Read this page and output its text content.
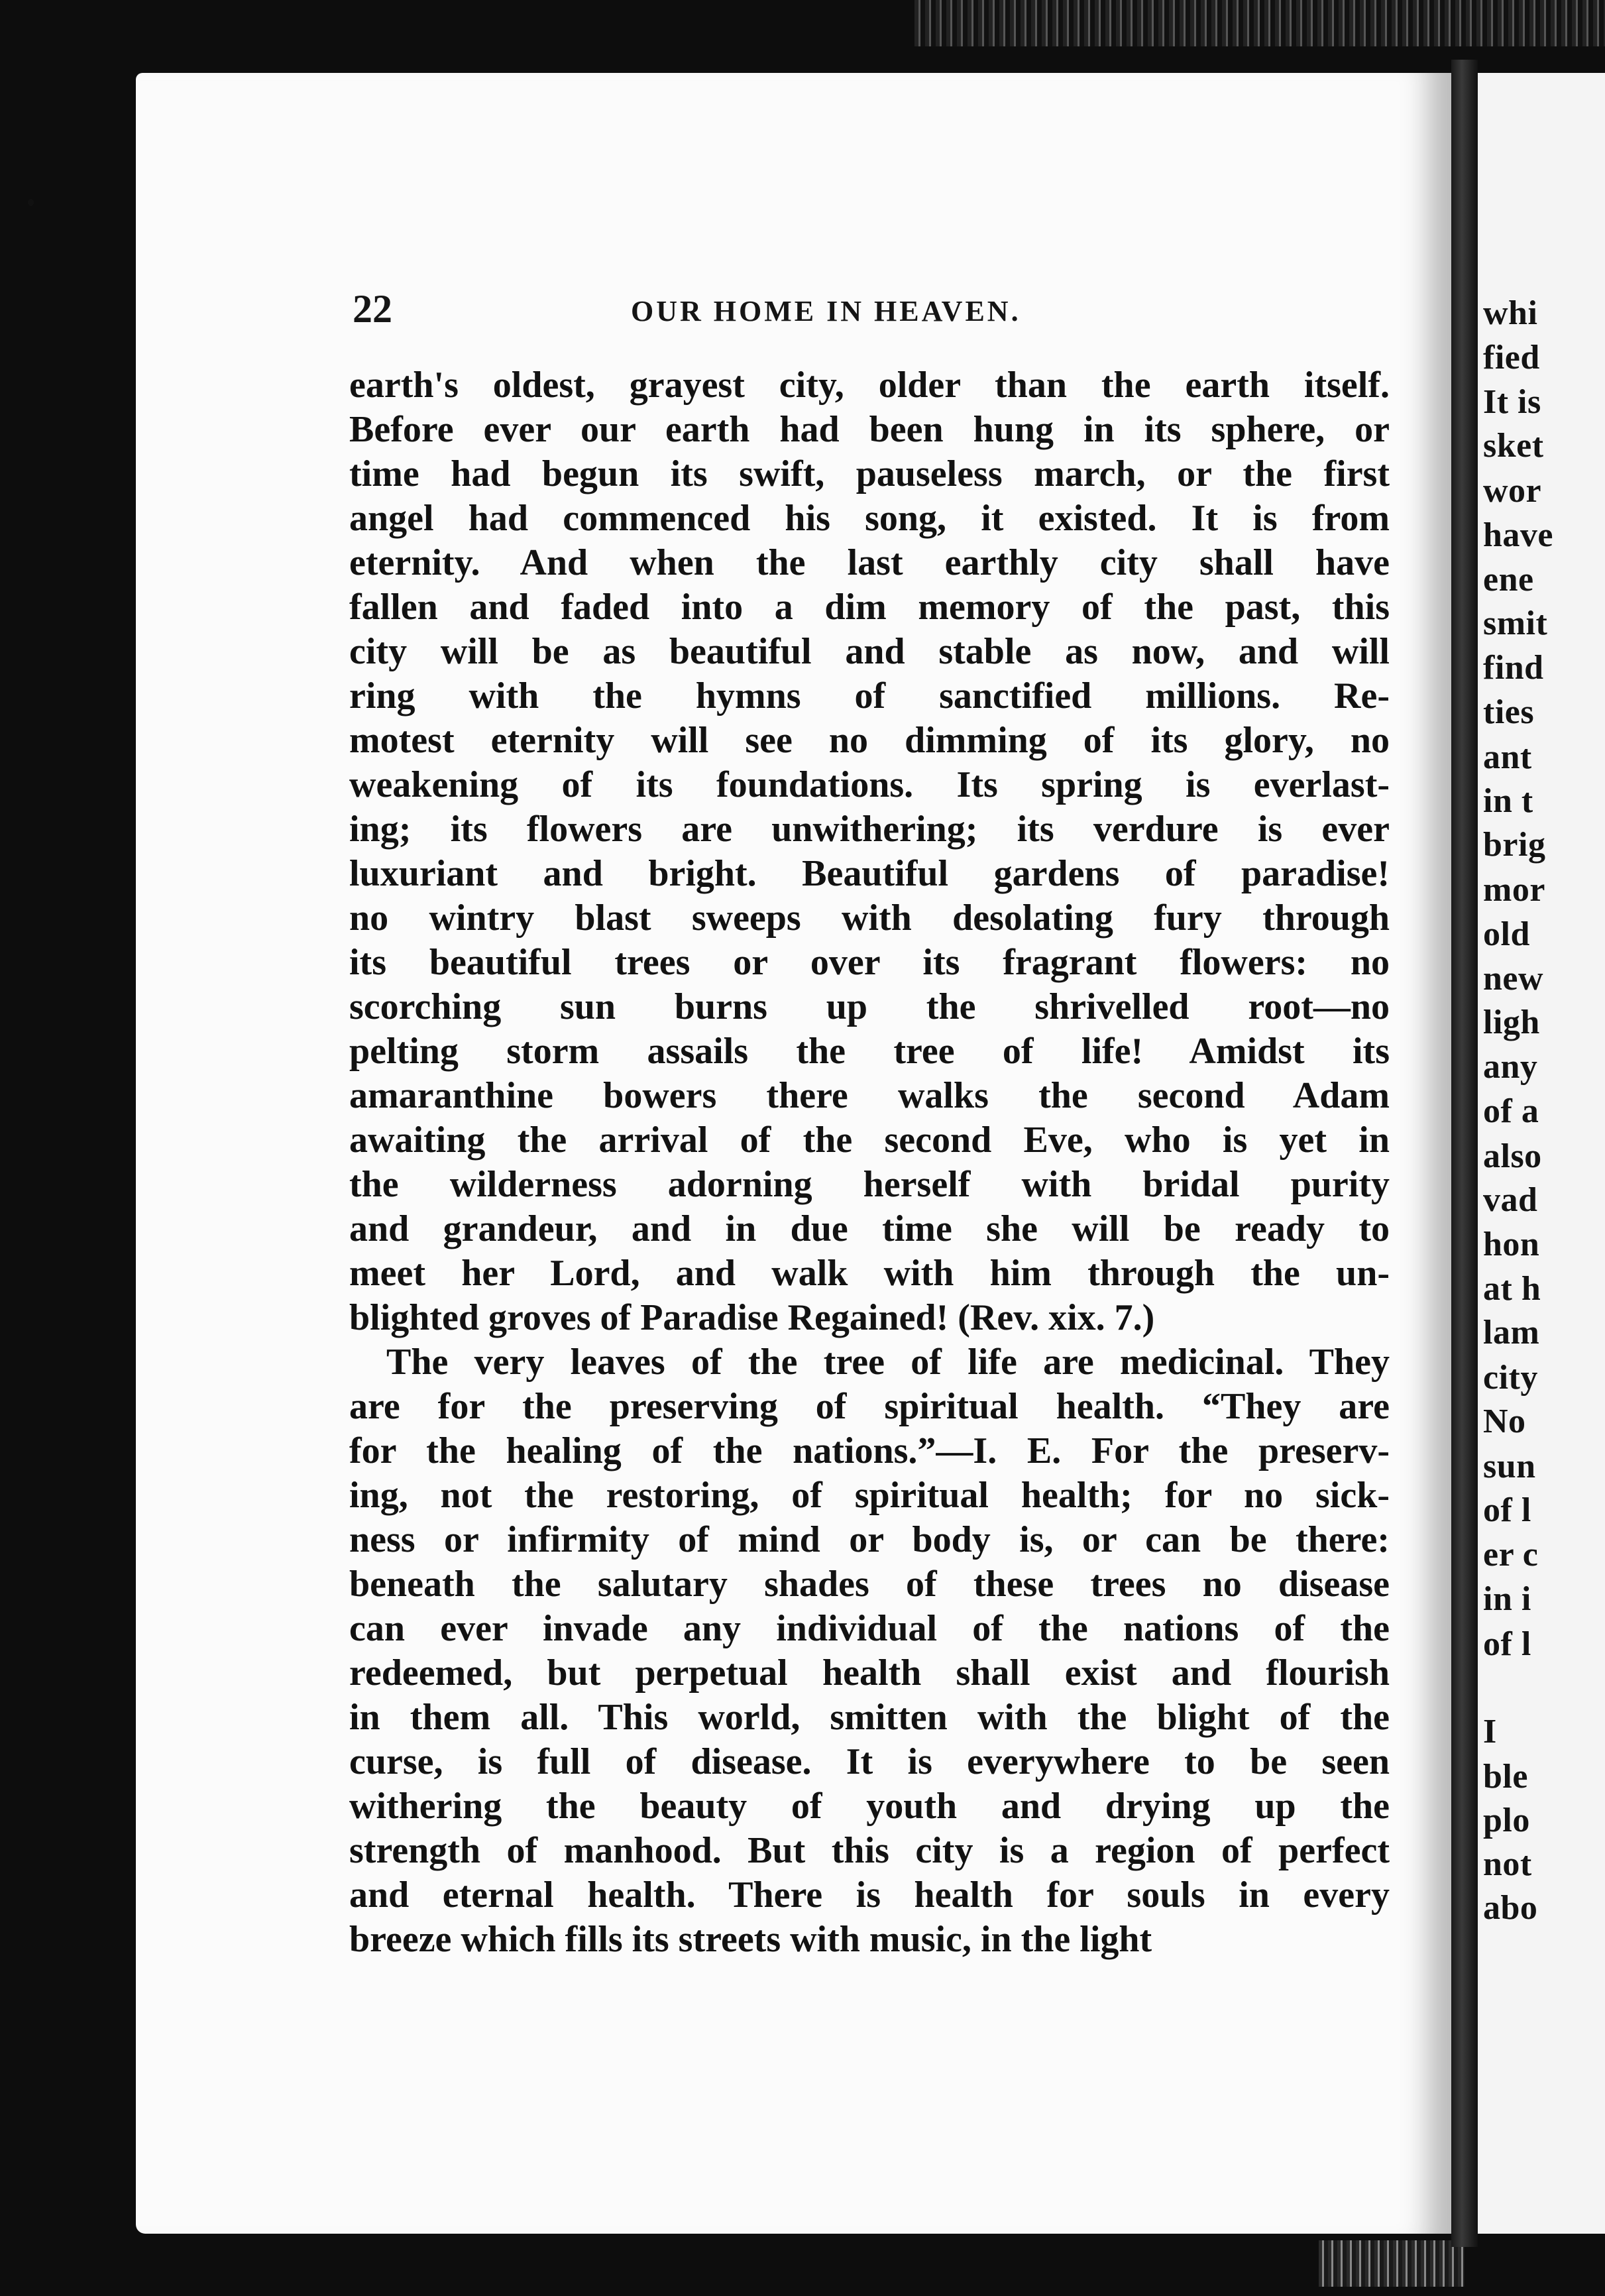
whi
fied
It is
sket
wor
have
ene
smit
find
ties
ant
in t
brig
mor
old
new
ligh
any
of a
also
vad
hon
at h
lam
city
No
sun
of l
er c
in i
of l
I
ble
plo
not
abo
22	OUR HOME IN HEAVEN.
earth's oldest, grayest city, older than the earth itself.
Before ever our earth had been hung in its sphere, or
time had begun its swift, pauseless march, or the first
angel had commenced his song, it existed. It is from
eternity. And when the last earthly city shall have
fallen and faded into a dim memory of the past, this
city will be as beautiful and stable as now, and will
ring with the hymns of sanctified millions. Re-
motest eternity will see no dimming of its glory, no
weakening of its foundations. Its spring is everlast-
ing; its flowers are unwithering; its verdure is ever
luxuriant and bright. Beautiful gardens of paradise!
no wintry blast sweeps with desolating fury through
its beautiful trees or over its fragrant flowers: no
scorching sun burns up the shrivelled root—no
pelting storm assails the tree of life! Amidst its
amaranthine bowers there walks the second Adam
awaiting the arrival of the second Eve, who is yet in
the wilderness adorning herself with bridal purity
and grandeur, and in due time she will be ready to
meet her Lord, and walk with him through the un-
blighted groves of Paradise Regained! (Rev. xix. 7.)
The very leaves of the tree of life are medicinal. They
are for the preserving of spiritual health. “They are
for the healing of the nations.”—I. E. For the preserv-
ing, not the restoring, of spiritual health; for no sick-
ness or infirmity of mind or body is, or can be there:
beneath the salutary shades of these trees no disease
can ever invade any individual of the nations of the
redeemed, but perpetual health shall exist and flourish
in them all. This world, smitten with the blight of the
curse, is full of disease. It is everywhere to be seen
withering the beauty of youth and drying up the
strength of manhood. But this city is a region of perfect
and eternal health. There is health for souls in every
breeze which fills its streets with music, in the light
